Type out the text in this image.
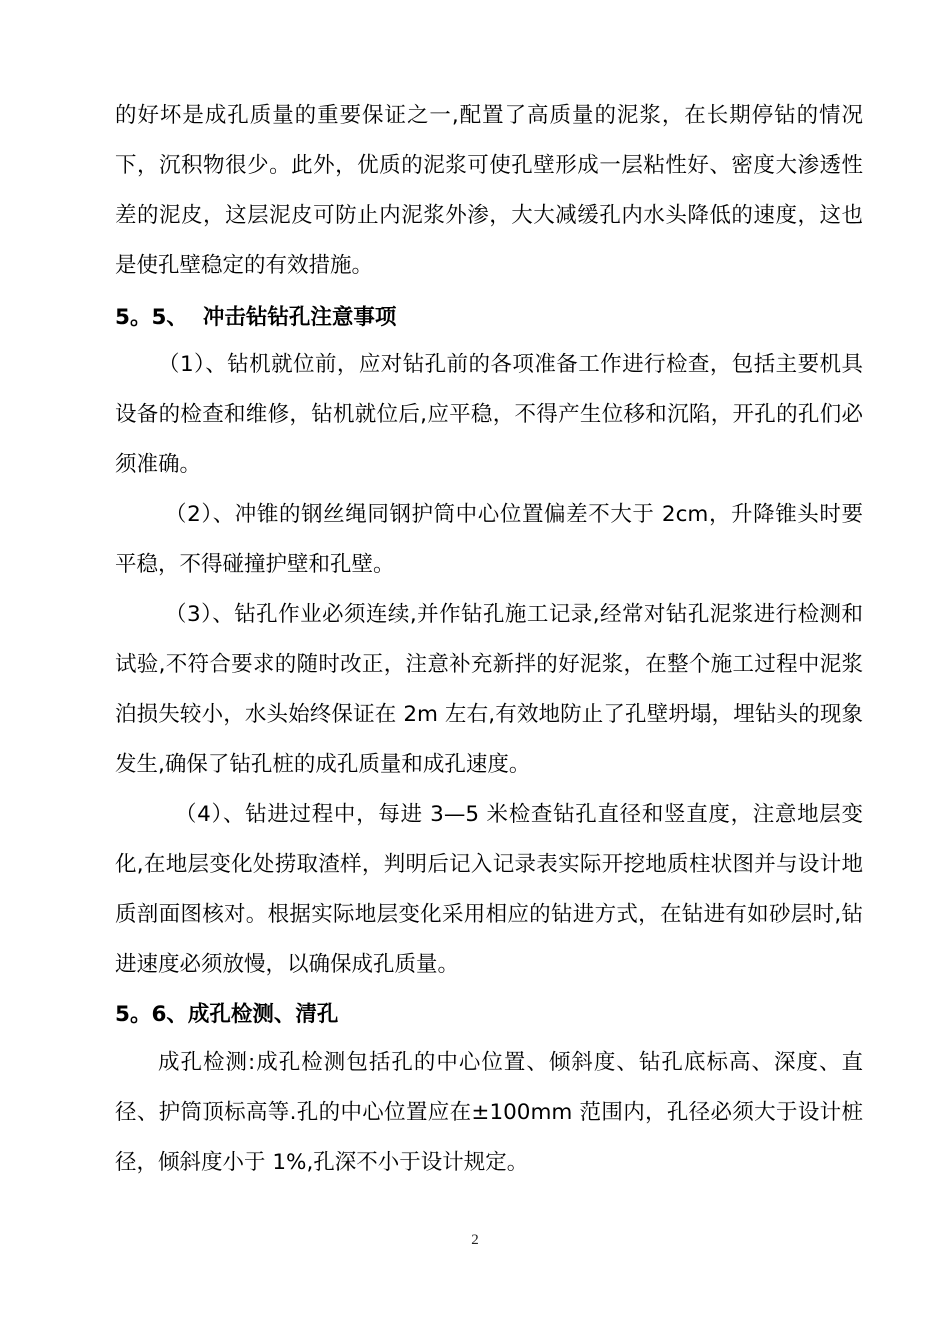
的好坏是成孔质量的重要保证之一,配置了高质量的泥浆，在长期停钻的情况下，沉积物很少。此外，优质的泥浆可使孔壁形成一层粘性好、密度大渗透性差的泥皮，这层泥皮可防止内泥浆外渗，大大减缓孔内水头降低的速度，这也是使孔壁稳定的有效措施。
5。5、  冲击钻钻孔注意事项
（1）、钻机就位前，应对钻孔前的各项准备工作进行检查，包括主要机具设备的检查和维修，钻机就位后,应平稳，不得产生位移和沉陷，开孔的孔们必须准确。
（2）、冲锥的钢丝绳同钢护筒中心位置偏差不大于 2cm，升降锥头时要平稳，不得碰撞护壁和孔壁。
（3）、钻孔作业必须连续,并作钻孔施工记录,经常对钻孔泥浆进行检测和试验,不符合要求的随时改正，注意补充新拌的好泥浆，在整个施工过程中泥浆泊损失较小，水头始终保证在 2m 左右,有效地防止了孔壁坍塌，埋钻头的现象发生,确保了钻孔桩的成孔质量和成孔速度。
（4）、钻进过程中，每进 3—5 米检查钻孔直径和竖直度，注意地层变化,在地层变化处捞取渣样，判明后记入记录表实际开挖地质柱状图并与设计地质剖面图核对。根据实际地层变化采用相应的钻进方式，在钻进有如砂层时,钻进速度必须放慢，以确保成孔质量。
5。6、成孔检测、清孔
成孔检测:成孔检测包括孔的中心位置、倾斜度、钻孔底标高、深度、直径、护筒顶标高等.孔的中心位置应在±100mm 范围内，孔径必须大于设计桩径，倾斜度小于 1%,孔深不小于设计规定。
2
